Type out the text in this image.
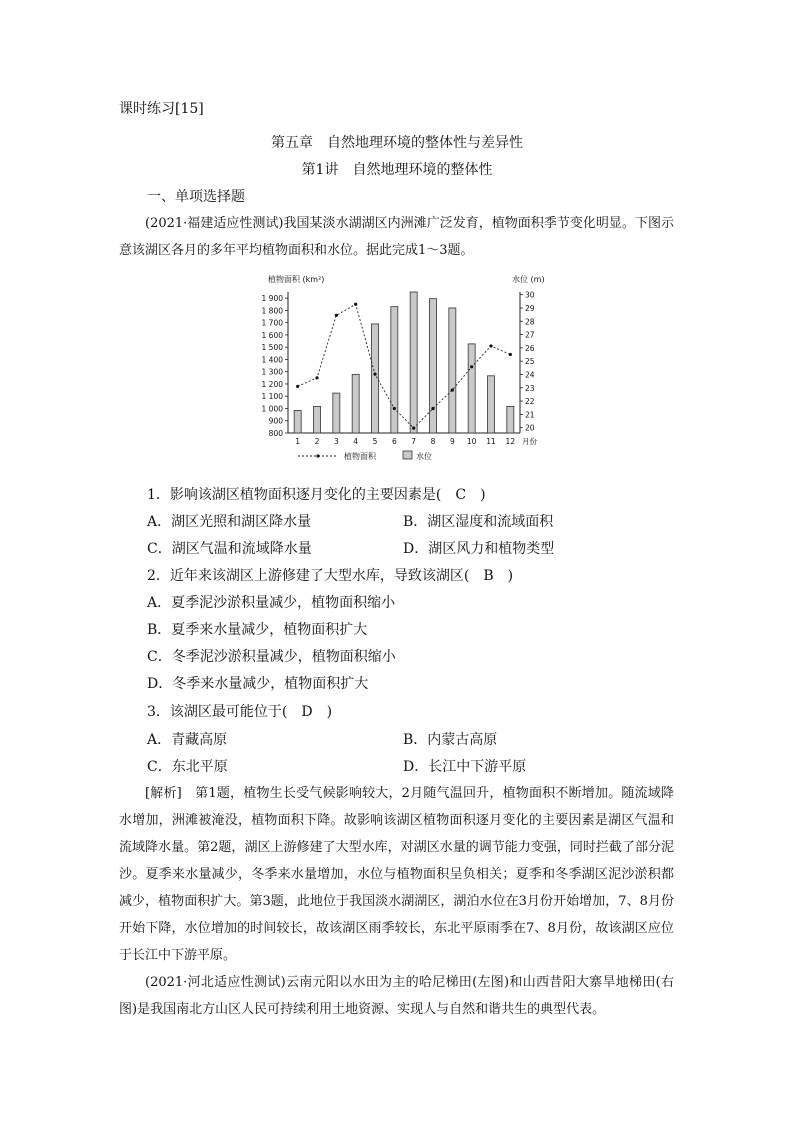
课时练习[15]
第五章　自然地理环境的整体性与差异性
第1讲　自然地理环境的整体性
一、单项选择题
(2021·福建适应性测试)我国某淡水湖湖区内洲滩广泛发育，植物面积季节变化明显。下图示意该湖区各月的多年平均植物面积和水位。据此完成1～3题。
800
900
1 000
1 100
1 200
1 300
1 400
1 500
1 600
1 700
1 800
1 900
20
21
22
23
24
25
26
27
28
29
30
植物面积 (km²)	水位 (m)
1 2 3 4 5 6 7 8 9 10 11 12 月份
植物面积	水位
1．影响该湖区植物面积逐月变化的主要因素是(　C　)
A．湖区光照和湖区降水量	B．湖区湿度和流域面积
C．湖区气温和流域降水量	D．湖区风力和植物类型
2．近年来该湖区上游修建了大型水库，导致该湖区(　B　)
A．夏季泥沙淤积量减少，植物面积缩小
B．夏季来水量减少，植物面积扩大
C．冬季泥沙淤积量减少，植物面积缩小
D．冬季来水量减少，植物面积扩大
3．该湖区最可能位于(　D　)
A．青藏高原	B．内蒙古高原
C．东北平原	D．长江中下游平原
[解析]　第1题，植物生长受气候影响较大，2月随气温回升，植物面积不断增加。随流域降水增加，洲滩被淹没，植物面积下降。故影响该湖区植物面积逐月变化的主要因素是湖区气温和流域降水量。第2题，湖区上游修建了大型水库，对湖区水量的调节能力变强，同时拦截了部分泥沙。夏季来水量减少，冬季来水量增加，水位与植物面积呈负相关；夏季和冬季湖区泥沙淤积都减少，植物面积扩大。第3题，此地位于我国淡水湖湖区，湖泊水位在3月份开始增加，7、8月份开始下降，水位增加的时间较长，故该湖区雨季较长，东北平原雨季在7、8月份，故该湖区应位于长江中下游平原。
(2021·河北适应性测试)云南元阳以水田为主的哈尼梯田(左图)和山西昔阳大寨旱地梯田(右图)是我国南北方山区人民可持续利用土地资源、实现人与自然和谐共生的典型代表。
